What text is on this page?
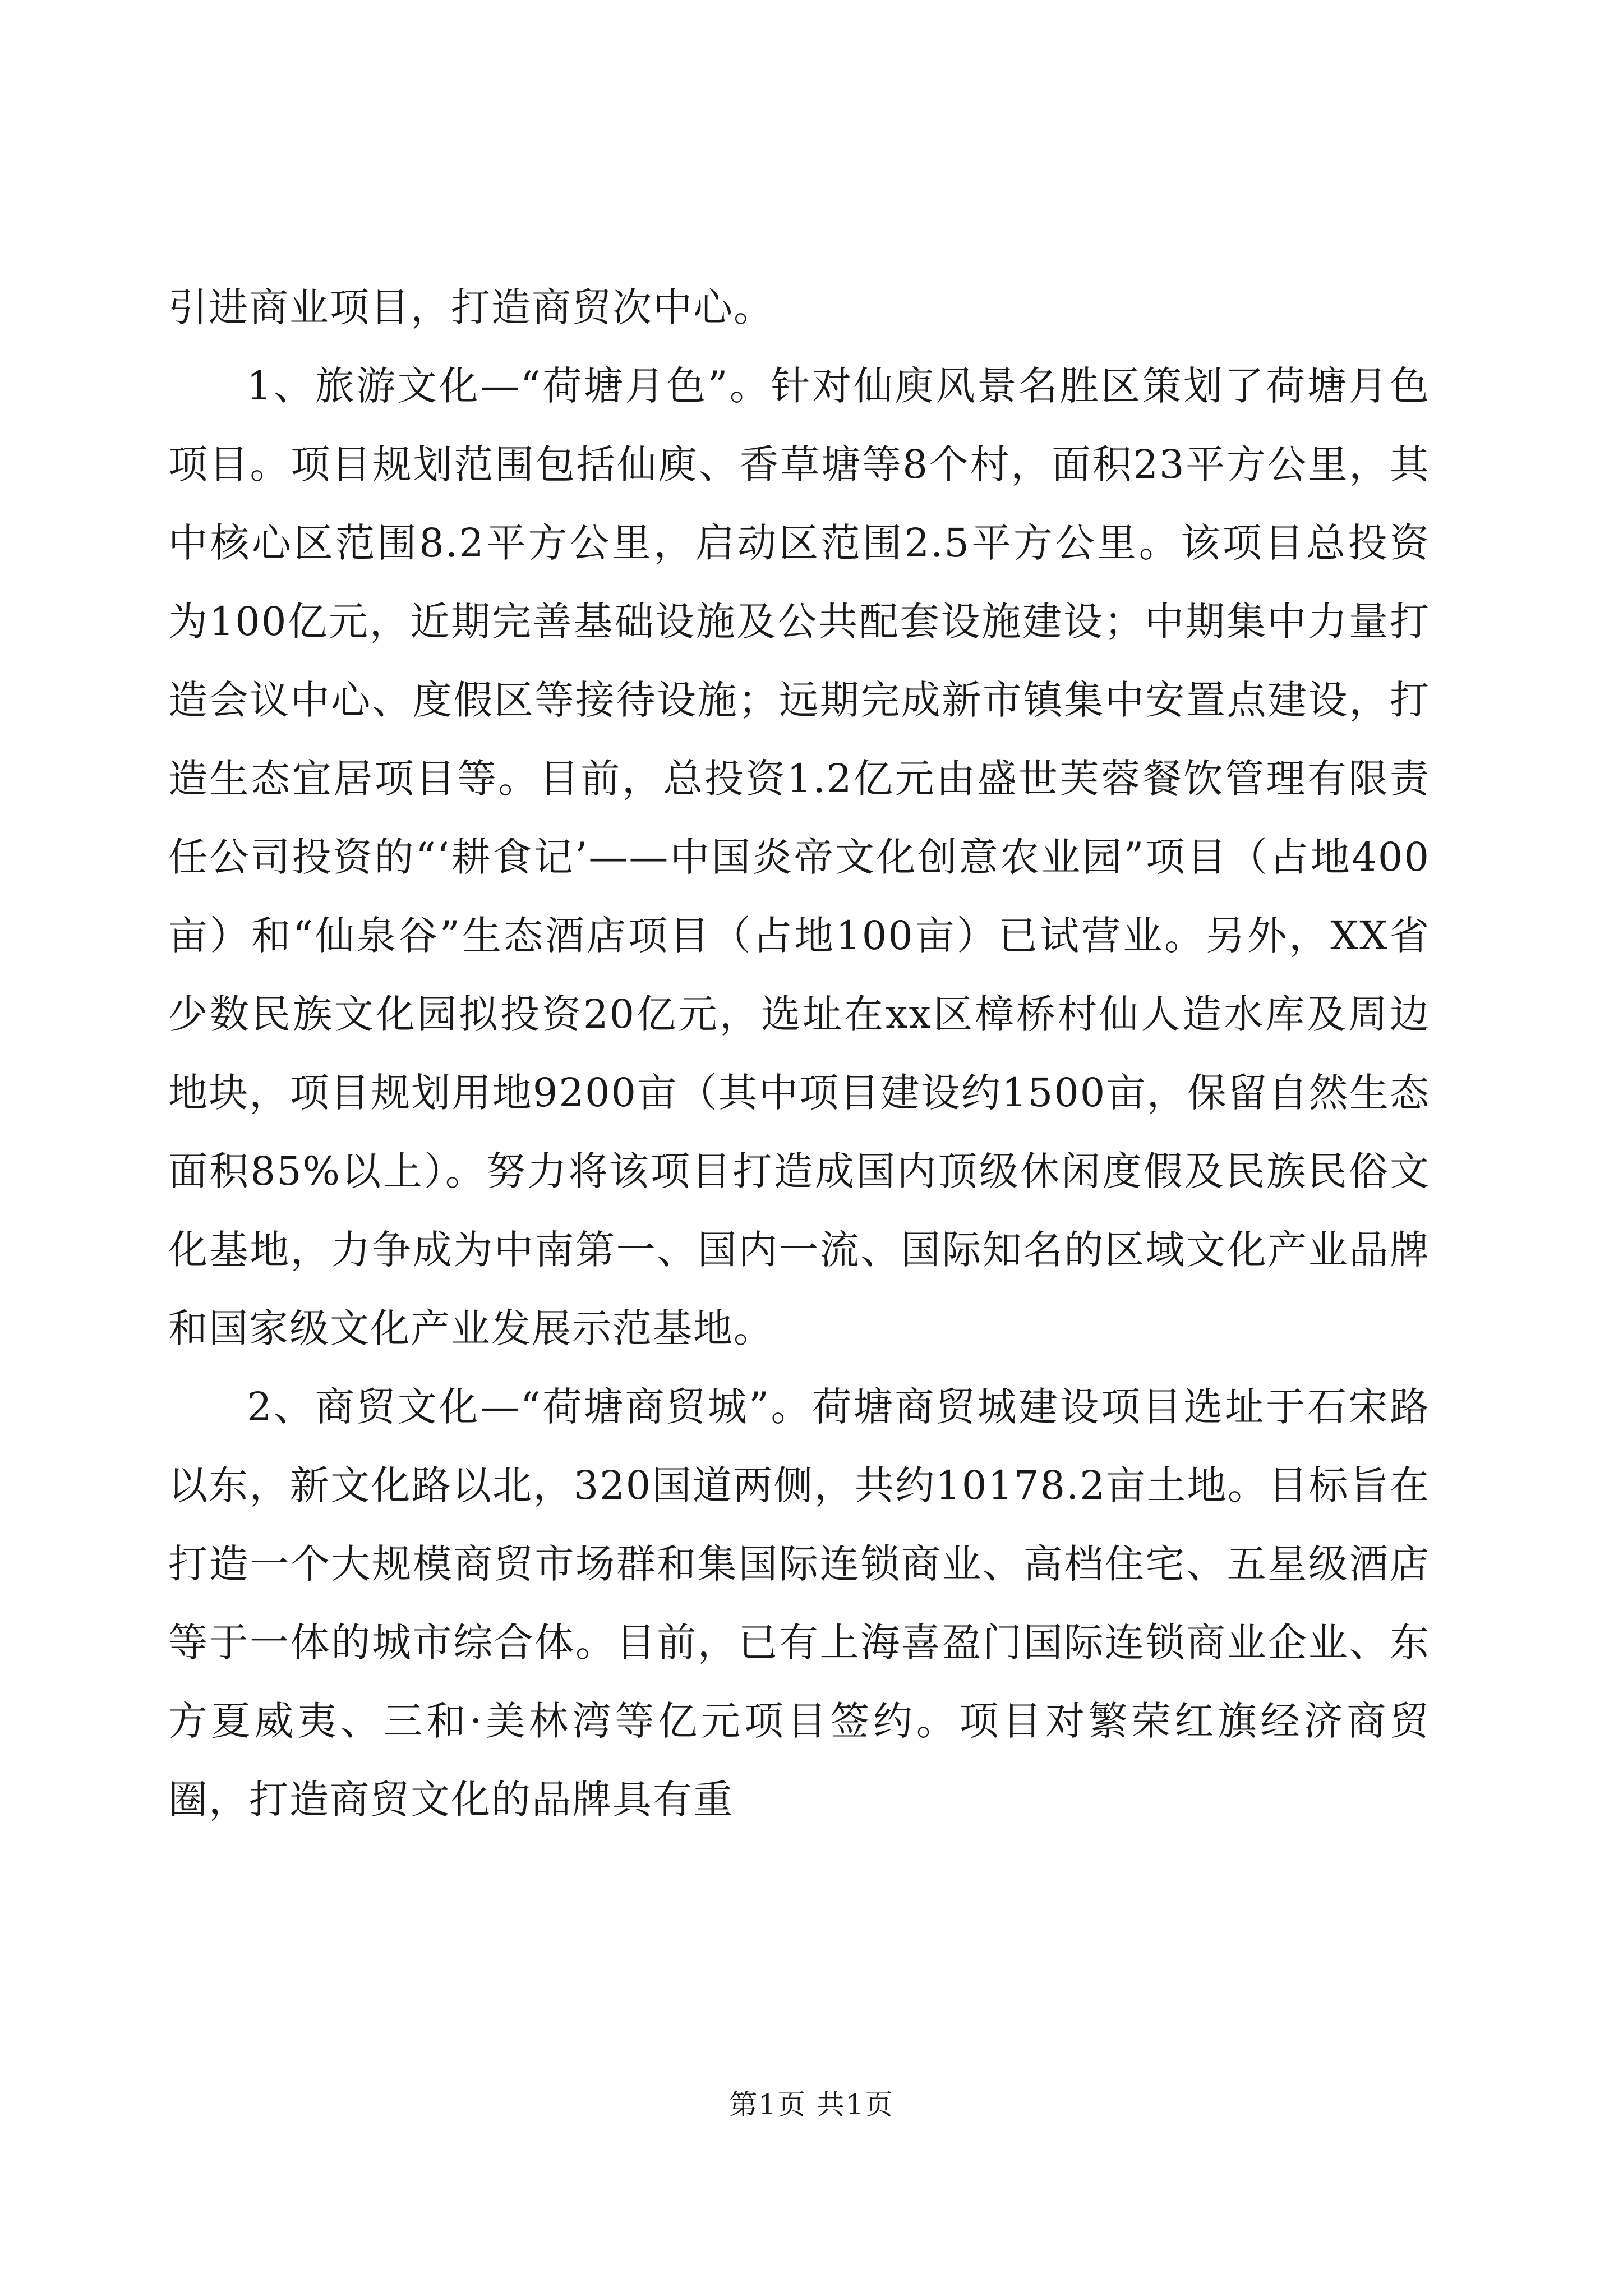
引进商业项目，打造商贸次中心。

1、旅游文化—“荷塘月色”。针对仙庾风景名胜区策划了荷塘月色项目。项目规划范围包括仙庾、香草塘等8个村，面积23平方公里，其中核心区范围8.2平方公里，启动区范围2.5平方公里。该项目总投资为100亿元，近期完善基础设施及公共配套设施建设；中期集中力量打造会议中心、度假区等接待设施；远期完成新市镇集中安置点建设，打造生态宜居项目等。目前，总投资1.2亿元由盛世芙蓉餐饮管理有限责任公司投资的“‘耕食记’——中国炎帝文化创意农业园”项目（占地400亩）和“仙泉谷”生态酒店项目（占地100亩）已试营业。另外，XX省少数民族文化园拟投资20亿元，选址在xx区樟桥村仙人造水库及周边地块，项目规划用地9200亩（其中项目建设约1500亩，保留自然生态面积85%以上）。努力将该项目打造成国内顶级休闲度假及民族民俗文化基地，力争成为中南第一、国内一流、国际知名的区域文化产业品牌和国家级文化产业发展示范基地。

2、商贸文化—“荷塘商贸城”。荷塘商贸城建设项目选址于石宋路以东，新文化路以北，320国道两侧，共约10178.2亩土地。目标旨在打造一个大规模商贸市场群和集国际连锁商业、高档住宅、五星级酒店等于一体的城市综合体。目前，已有上海喜盈门国际连锁商业企业、东方夏威夷、三和·美林湾等亿元项目签约。项目对繁荣红旗经济商贸圈，打造商贸文化的品牌具有重

第1页 共1页
